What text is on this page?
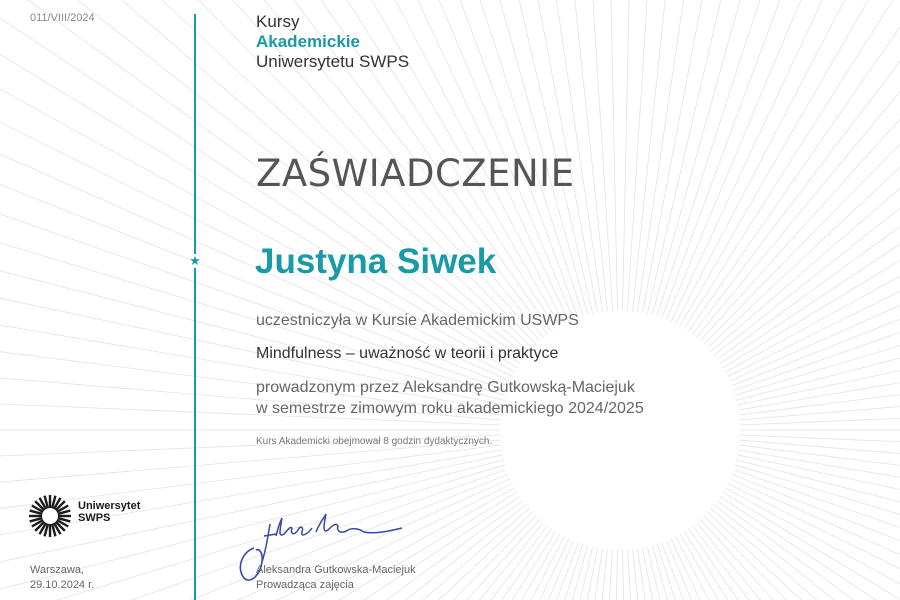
011/VIII/2024
★
Kursy
Akademickie
Uniwersytetu SWPS
ZAŚWIADCZENIE
Justyna Siwek
uczestniczyła w Kursie Akademickim USWPS
Mindfulness – uważność w teorii i praktyce
prowadzonym przez Aleksandrę Gutkowską-Maciejuk
w semestrze zimowym roku akademickiego 2024/2025
Kurs Akademicki obejmował 8 godzin dydaktycznych.
Uniwersytet
SWPS
Warszawa,
29.10.2024 r.
Aleksandra Gutkowska-Maciejuk
Prowadząca zajęcia
